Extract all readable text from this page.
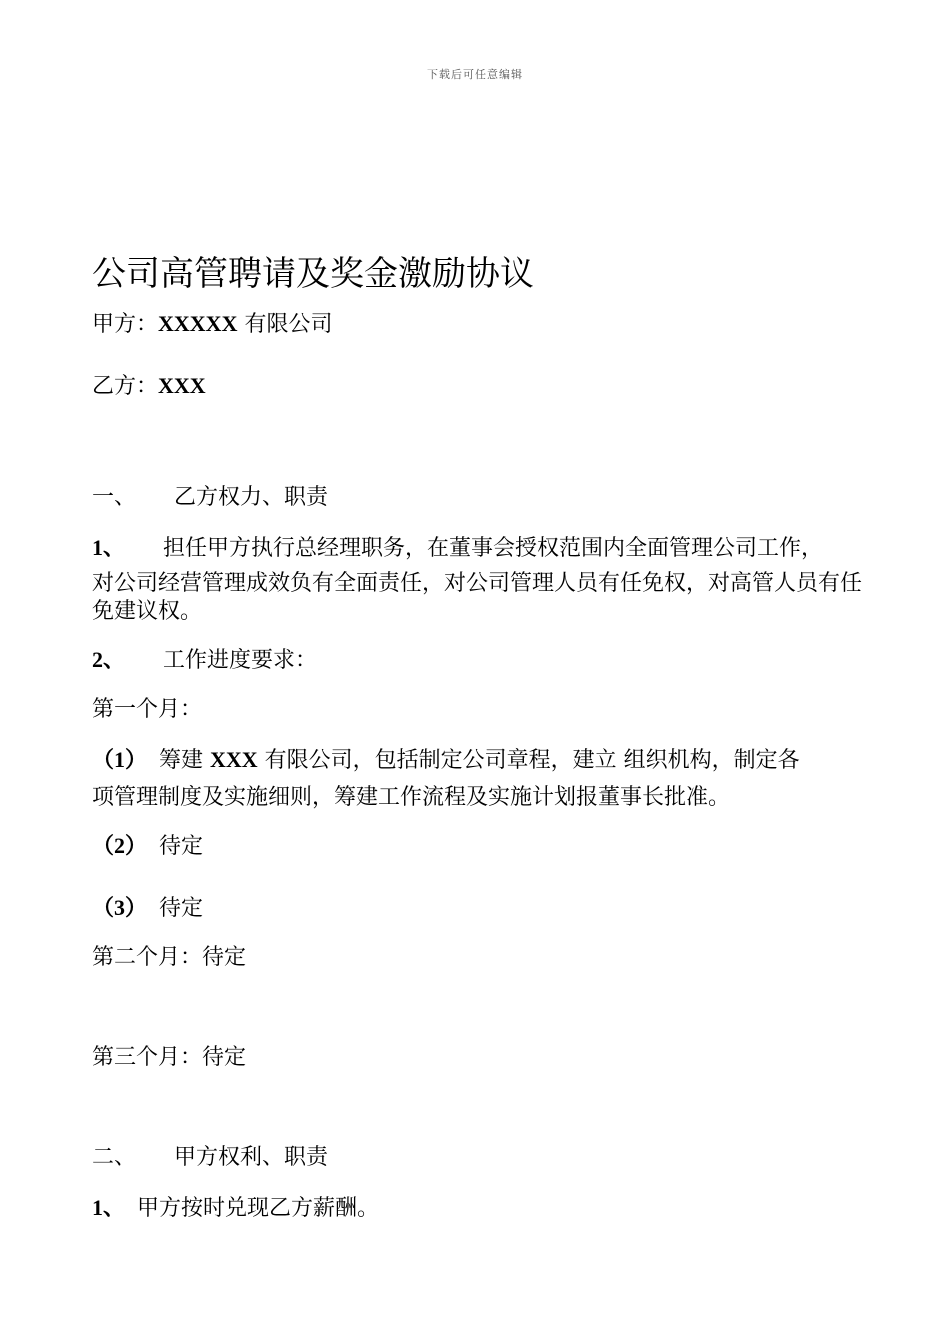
下载后可任意编辑
公司高管聘请及奖金激励协议
甲方：XXXXX 有限公司
乙方：XXX
一、 乙方权力、职责
1、 担任甲方执行总经理职务，在董事会授权范围内全面管理公司工作，
对公司经营管理成效负有全面责任，对公司管理人员有任免权，对高管人员有任免建议权。
2、 工作进度要求：
第一个月：
（1） 筹建 XXX 有限公司，包括制定公司章程，建立 组织机构，制定各
项管理制度及实施细则，筹建工作流程及实施计划报董事长批准。
（2） 待定
（3） 待定
第二个月：待定
第三个月：待定
二、 甲方权利、职责
1、 甲方按时兑现乙方薪酬。
